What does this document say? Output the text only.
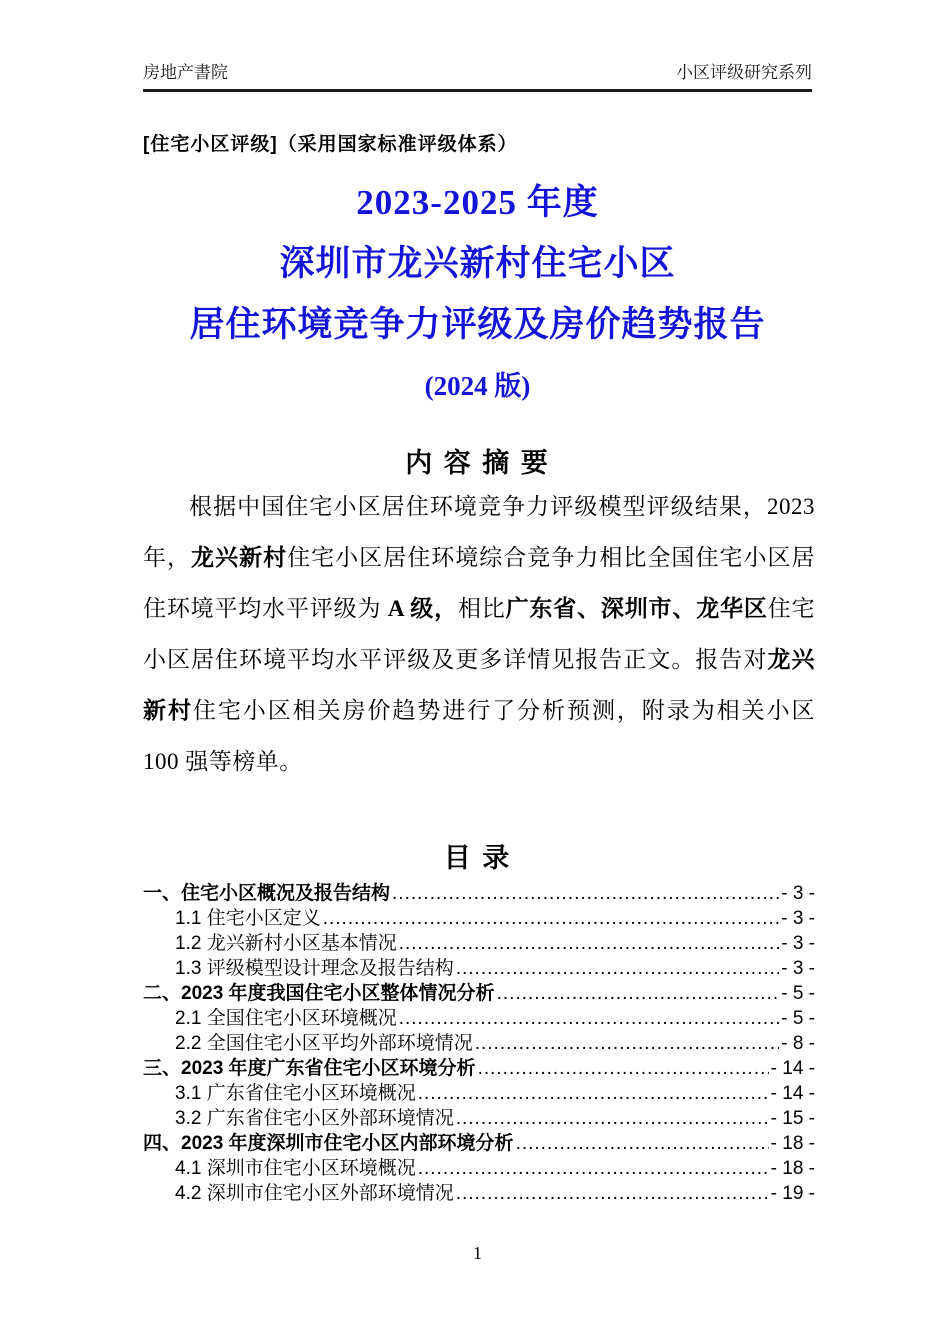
房地产書院	小区评级研究系列
[住宅小区评级]（采用国家标准评级体系）
2023-2025 年度
深圳市龙兴新村住宅小区
居住环境竞争力评级及房价趋势报告
(2024 版)
内 容 摘 要

根据中国住宅小区居住环境竞争力评级模型评级结果，2023 年，龙兴新村住宅小区居住环境综合竞争力相比全国住宅小区居住环境平均水平评级为 A 级，相比广东省、深圳市、龙华区住宅小区居住环境平均水平评级及更多详情见报告正文。报告对龙兴新村住宅小区相关房价趋势进行了分析预测，附录为相关小区 100 强等榜单。

目 录
一、住宅小区概况及报告结构 .....	- 3 -
1.1 住宅小区定义 .....	- 3 -
1.2 龙兴新村小区基本情况 .....	- 3 -
1.3 评级模型设计理念及报告结构 .....	- 3 -
二、2023 年度我国住宅小区整体情况分析 .....	- 5 -
2.1 全国住宅小区环境概况 .....	- 5 -
2.2 全国住宅小区平均外部环境情况 .....	- 8 -
三、2023 年度广东省住宅小区环境分析 .....	- 14 -
3.1 广东省住宅小区环境概况 .....	- 14 -
3.2 广东省住宅小区外部环境情况 .....	- 15 -
四、2023 年度深圳市住宅小区内部环境分析 .....	- 18 -
4.1 深圳市住宅小区环境概况 .....	- 18 -
4.2 深圳市住宅小区外部环境情况 .....	- 19 -
1
